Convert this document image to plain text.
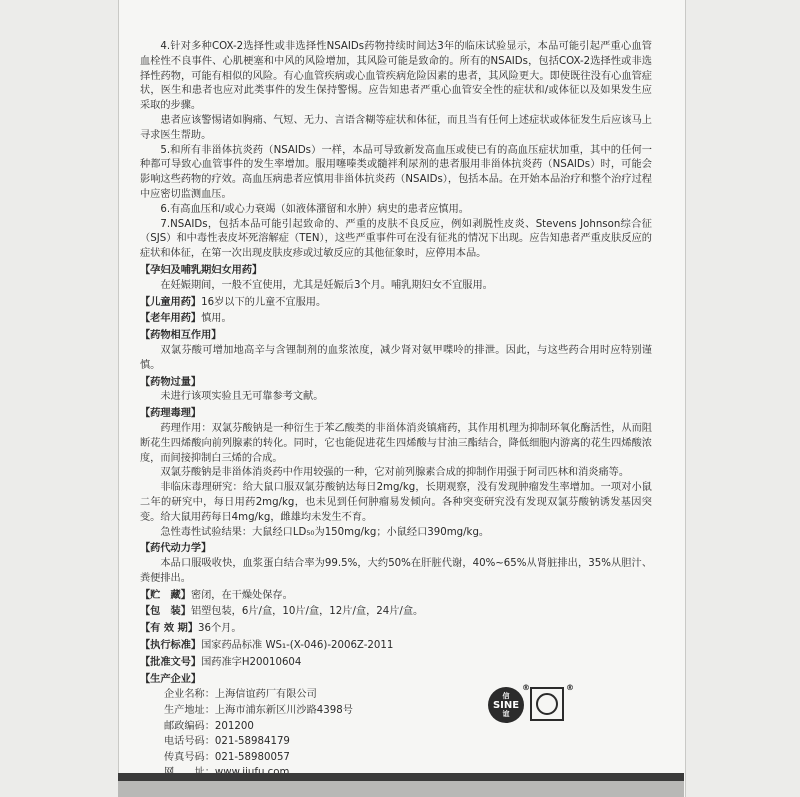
4.针对多种COX-2选择性或非选择性NSAIDs药物持续时间达3年的临床试验显示，本品可能引起严重心血管血栓性不良事件、心肌梗塞和中风的风险增加，其风险可能是致命的。所有的NSAIDs，包括COX-2选择性或非选择性药物，可能有相似的风险。有心血管疾病或心血管疾病危险因素的患者，其风险更大。即使既往没有心血管症状，医生和患者也应对此类事件的发生保持警惕。应告知患者严重心血管安全性的症状和/或体征以及如果发生应采取的步骤。

患者应该警惕诸如胸痛、气短、无力、言语含糊等症状和体征，而且当有任何上述症状或体征发生后应该马上寻求医生帮助。

5.和所有非甾体抗炎药（NSAIDs）一样，本品可导致新发高血压或使已有的高血压症状加重，其中的任何一种都可导致心血管事件的发生率增加。服用噻嗪类或髓袢利尿剂的患者服用非甾体抗炎药（NSAIDs）时，可能会影响这些药物的疗效。高血压病患者应慎用非甾体抗炎药（NSAIDs），包括本品。在开始本品治疗和整个治疗过程中应密切监测血压。

6.有高血压和/或心力衰竭（如液体潴留和水肿）病史的患者应慎用。

7.NSAIDs，包括本品可能引起致命的、严重的皮肤不良反应，例如剥脱性皮炎、Stevens Johnson综合征（SJS）和中毒性表皮坏死溶解症（TEN），这些严重事件可在没有征兆的情况下出现。应告知患者严重皮肤反应的症状和体征，在第一次出现皮肤皮疹或过敏反应的其他征象时，应停用本品。

【孕妇及哺乳期妇女用药】

在妊娠期间，一般不宜使用，尤其是妊娠后3个月。哺乳期妇女不宜服用。

【儿童用药】16岁以下的儿童不宜服用。

【老年用药】慎用。

【药物相互作用】

双氯芬酸可增加地高辛与含锂制剂的血浆浓度，减少肾对氨甲喋呤的排泄。因此，与这些药合用时应特别谨慎。

【药物过量】

未进行该项实验且无可靠参考文献。

【药理毒理】

药理作用：双氯芬酸钠是一种衍生于苯乙酸类的非甾体消炎镇痛药，其作用机理为抑制环氧化酶活性，从而阻断花生四烯酸向前列腺素的转化。同时，它也能促进花生四烯酸与甘油三酯结合，降低细胞内游离的花生四烯酸浓度，而间接抑制白三烯的合成。

双氯芬酸钠是非甾体消炎药中作用较强的一种，它对前列腺素合成的抑制作用强于阿司匹林和消炎痛等。

非临床毒理研究：给大鼠口服双氯芬酸钠达每日2mg/kg，长期观察，没有发现肿瘤发生率增加。一项对小鼠二年的研究中，每日用药2mg/kg，也未见到任何肿瘤易发倾向。各种突变研究没有发现双氯芬酸钠诱发基因突变。给大鼠用药每日4mg/kg，雌雄均未发生不育。

急性毒性试验结果：大鼠经口LD₅₀为150mg/kg；小鼠经口390mg/kg。

【药代动力学】

本品口服吸收快，血浆蛋白结合率为99.5%，大约50%在肝脏代谢，40%~65%从肾脏排出，35%从胆汁、粪便排出。

【贮　藏】密闭，在干燥处保存。

【包　装】铝塑包装，6片/盒，10片/盒，12片/盒，24片/盒。

【有 效 期】36个月。

【执行标准】国家药品标准 WS₁-(X-046)-2006Z-2011

【批准文号】国药准字H20010604

【生产企业】

企业名称：上海信谊药厂有限公司

生产地址：上海市浦东新区川沙路4398号

邮政编码：201200

电话号码：021-58984179

传真号码：021-58980057

信
SINE
谊
®	®
